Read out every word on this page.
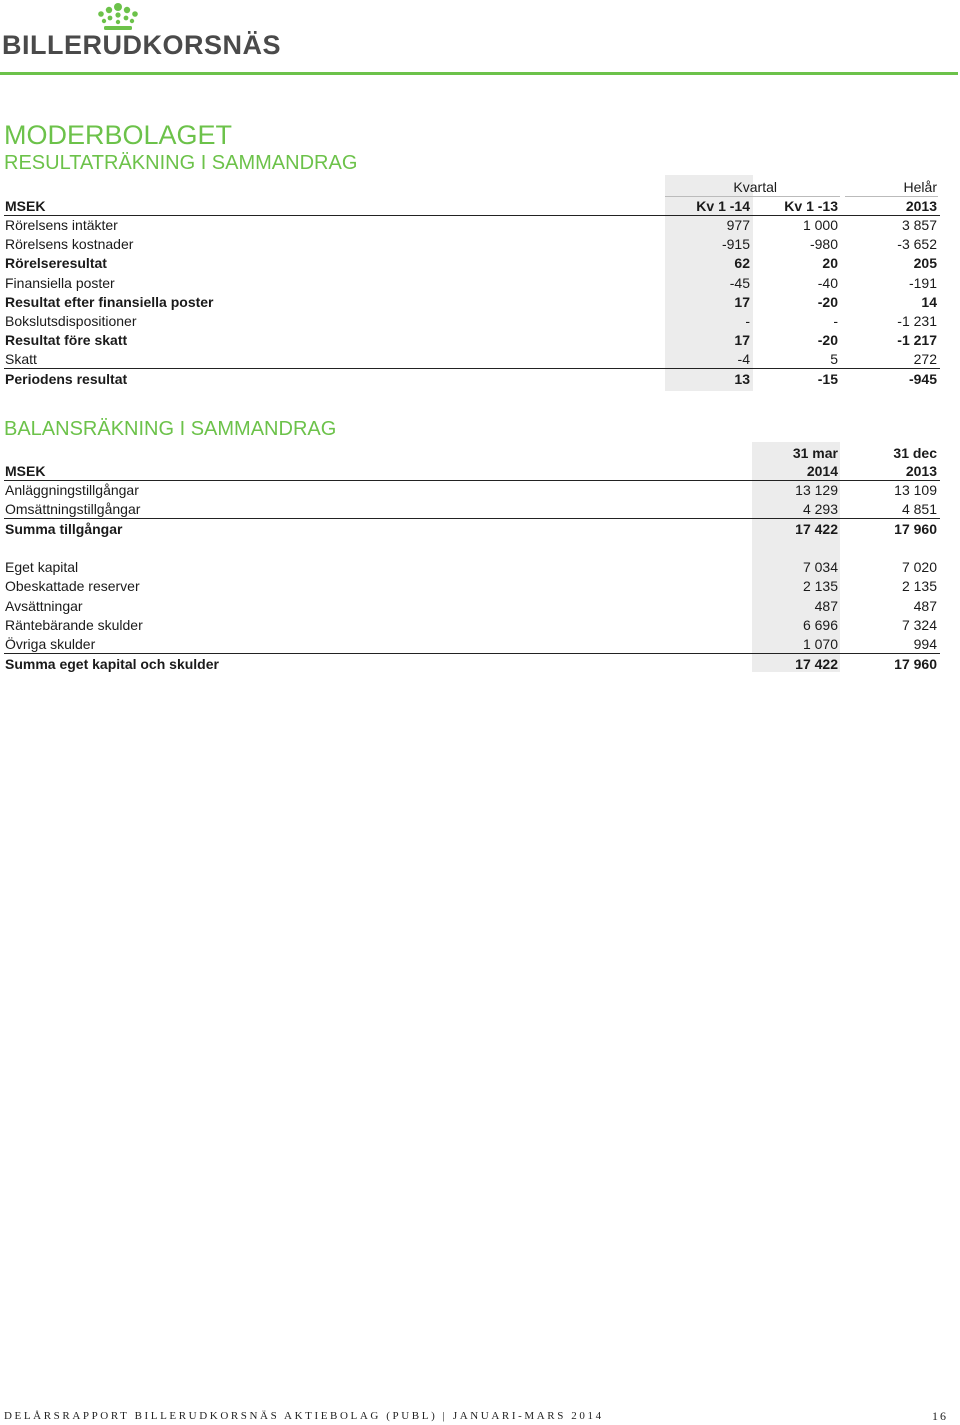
BILLERUDKORSNÄS
MODERBOLAGET
RESULTATRÄKNING I SAMMANDRAG
Kvartal	Helår
MSEK	Kv 1 -14	Kv 1 -13	2013
Rörelsens intäkter	977	1 000	3 857
Rörelsens kostnader	-915	-980	-3 652
Rörelseresultat	62	20	205
Finansiella poster	-45	-40	-191
Resultat efter finansiella poster	17	-20	14
Bokslutsdispositioner	-	-	-1 231
Resultat före skatt	17	-20	-1 217
Skatt	-4	5	272
Periodens resultat	13	-15	-945
BALANSRÄKNING I SAMMANDRAG
31 mar	31 dec
MSEK	2014	2013
Anläggningstillgångar	13 129	13 109
Omsättningstillgångar	4 293	4 851
Summa tillgångar	17 422	17 960
Eget kapital	7 034	7 020
Obeskattade reserver	2 135	2 135
Avsättningar	487	487
Räntebärande skulder	6 696	7 324
Övriga skulder	1 070	994
Summa eget kapital och skulder	17 422	17 960
DELÅRSRAPPORT BILLERUDKORSNÄS AKTIEBOLAG (PUBL) | JANUARI-MARS 2014	16
